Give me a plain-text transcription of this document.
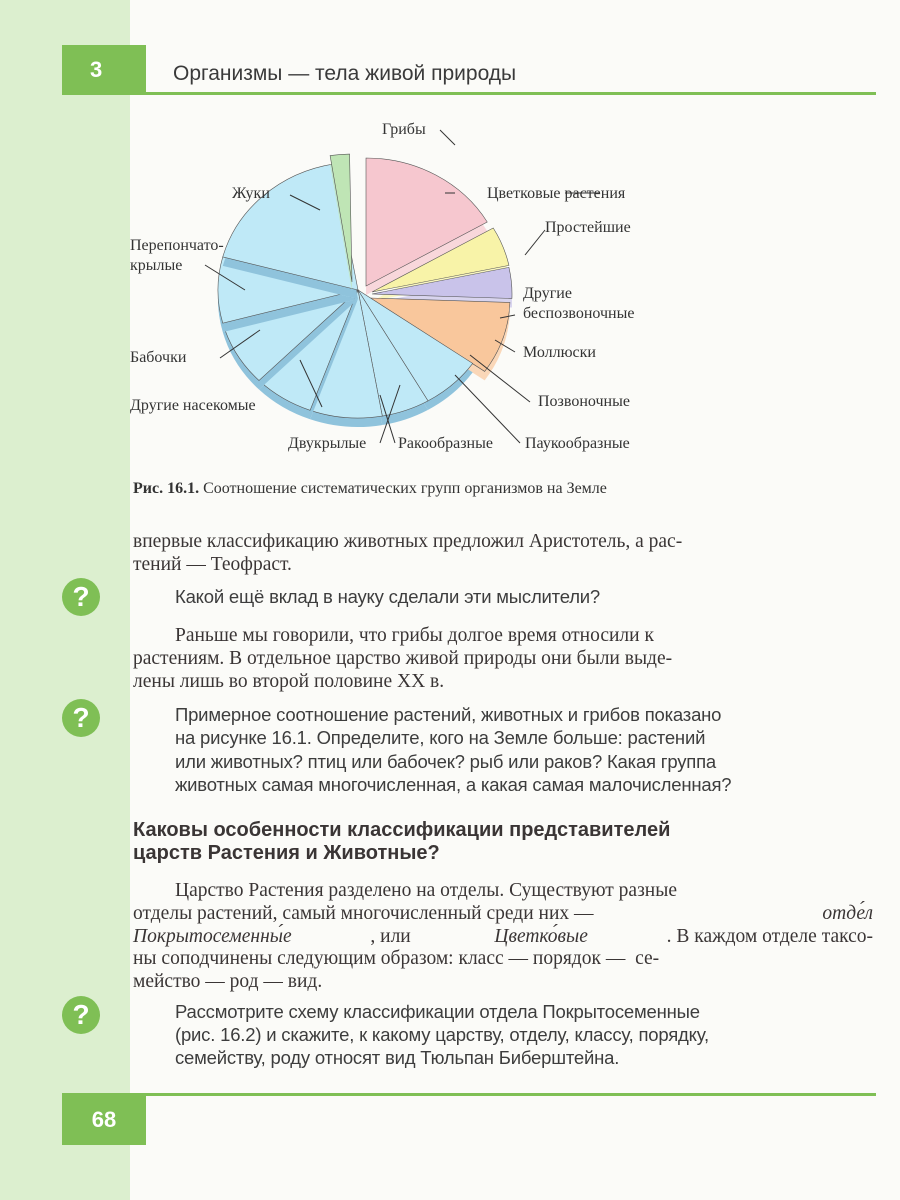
3	Организмы — тела живой природы
Грибы
Цветковые растения
Простейшие
Другие
беспозвоночные
Моллюски
Позвоночные
Паукообразные
Ракообразные
Двукрылые
Другие насекомые
Бабочки
Перепончато-
крылые
Жуки
Рис. 16.1. Соотношение систематических групп организмов на Земле
впервые классификацию животных предложил Аристотель, а рас-
тений — Теофраст.
?	Какой ещё вклад в науку сделали эти мыслители?
Раньше мы говорили, что грибы долгое время относили к
растениям. В отдельное царство живой природы они были выде-
лены лишь во второй половине XX в.
?	Примерное соотношение растений, животных и грибов показано
на рисунке 16.1. Определите, кого на Земле больше: растений
или животных? птиц или бабочек? рыб или раков? Какая группа
животных самая многочисленная, а какая самая малочисленная?
Каковы особенности классификации представителей
царств Растения и Животные?
Царство Растения разделено на отделы. Существуют разные
отделы растений, самый многочисленный среди них —	отде́л
Покрытосеменны́е	, или	Цветко́вые	. В каждом отделе таксо-
ны соподчинены следующим образом: класс — порядок —  се-
мейство — род — вид.
?	Рассмотрите схему классификации отдела Покрытосеменные
(рис. 16.2) и скажите, к какому царству, отделу, классу, порядку,
семейству, роду относят вид Тюльпан Биберштейна.
68
